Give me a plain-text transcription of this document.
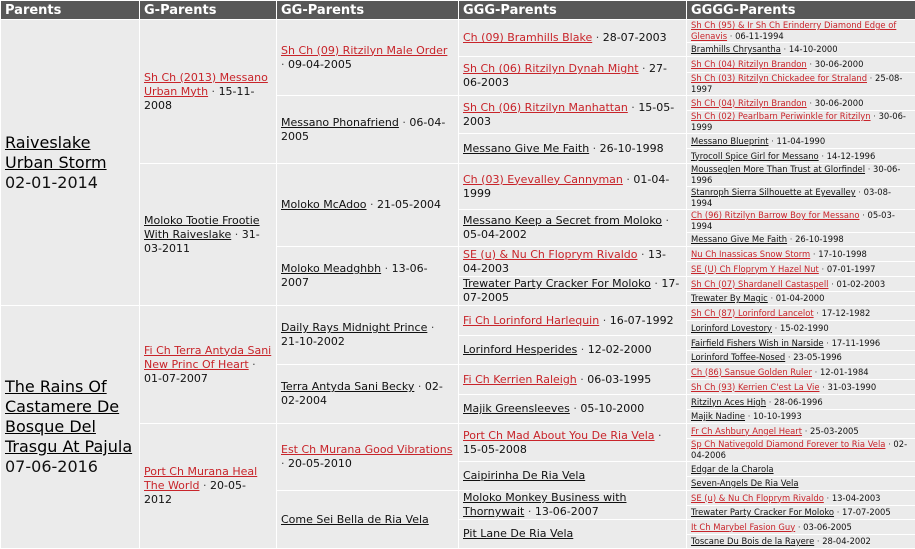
Parents	G-Parents	GG-Parents	GGG-Parents	GGGG-Parents
Raiveslake Urban Storm
02-01-2014	Sh Ch (2013) Messano Urban Myth · 15-11-2008	Sh Ch (09) Ritzilyn Male Order · 09-04-2005	Ch (09) Bramhills Blake · 28-07-2003	Sh Ch (95) & Ir Sh Ch Erinderry Diamond Edge of Glenavis · 06-11-1994
				Bramhills Chrysantha · 14-10-2000
			Sh Ch (06) Ritzilyn Dynah Might · 27-06-2003	Sh Ch (04) Ritzilyn Brandon · 30-06-2000
				Sh Ch (03) Ritzilyn Chickadee for Straland · 25-08-1997
		Messano Phonafriend · 06-04-2005	Sh Ch (06) Ritzilyn Manhattan · 15-05-2003	Sh Ch (04) Ritzilyn Brandon · 30-06-2000
				Sh Ch (02) Pearlbarn Periwinkle for Ritzilyn · 30-06-1999
			Messano Give Me Faith · 26-10-1998	Messano Blueprint · 11-04-1990
				Tyrocoll Spice Girl for Messano · 14-12-1996
	Moloko Tootie Frootie With Raiveslake · 31-03-2011	Moloko McAdoo · 21-05-2004	Ch (03) Eyevalley Cannyman · 01-04-1999	Mousseglen More Than Trust at Glorfindel · 30-06-1996
				Stanroph Sierra Silhouette at Eyevalley · 03-08-1994
			Messano Keep a Secret from Moloko · 05-04-2002	Ch (96) Ritzilyn Barrow Boy for Messano · 05-03-1994
				Messano Give Me Faith · 26-10-1998
		Moloko Meadghbh · 13-06-2007	SE (u) & Nu Ch Floprym Rivaldo · 13-04-2003	Nu Ch Inassicas Snow Storm · 17-10-1998
				SE (U) Ch Floprym Y Hazel Nut · 07-01-1997
			Trewater Party Cracker For Moloko · 17-07-2005	Sh Ch (07) Shardanell Castaspell · 01-02-2003
				Trewater By Magic · 01-04-2000
The Rains Of Castamere De Bosque Del Trasgu At Pajula
07-06-2016	Fi Ch Terra Antyda Sani New Princ Of Heart · 01-07-2007	Daily Rays Midnight Prince · 21-10-2002	Fi Ch Lorinford Harlequin · 16-07-1992	Sh Ch (87) Lorinford Lancelot · 17-12-1982
				Lorinford Lovestory · 15-02-1990
			Lorinford Hesperides · 12-02-2000	Fairfield Fishers Wish in Narside · 17-11-1996
				Lorinford Toffee-Nosed · 23-05-1996
		Terra Antyda Sani Becky · 02-02-2004	Fi Ch Kerrien Raleigh · 06-03-1995	Ch (86) Sansue Golden Ruler · 12-01-1984
				Sh Ch (93) Kerrien C'est La Vie · 31-03-1990
			Majik Greensleeves · 05-10-2000	Ritzilyn Aces High · 28-06-1996
				Majik Nadine · 10-10-1993
	Port Ch Murana Heal The World · 20-05-2012	Est Ch Murana Good Vibrations · 20-05-2010	Port Ch Mad About You De Ria Vela · 15-05-2008	Fr Ch Ashbury Angel Heart · 25-03-2005
				Sp Ch Nativegold Diamond Forever to Ria Vela · 02-04-2006
			Caipirinha De Ria Vela	Edgar de la Charola
				Seven-Angels De Ria Vela
		Come Sei Bella de Ria Vela	Moloko Monkey Business with Thornywait · 13-06-2007	SE (u) & Nu Ch Floprym Rivaldo · 13-04-2003
				Trewater Party Cracker For Moloko · 17-07-2005
			Pit Lane De Ria Vela	It Ch Marybel Fasion Guy · 03-06-2005
				Toscane Du Bois de la Rayere · 28-04-2002
